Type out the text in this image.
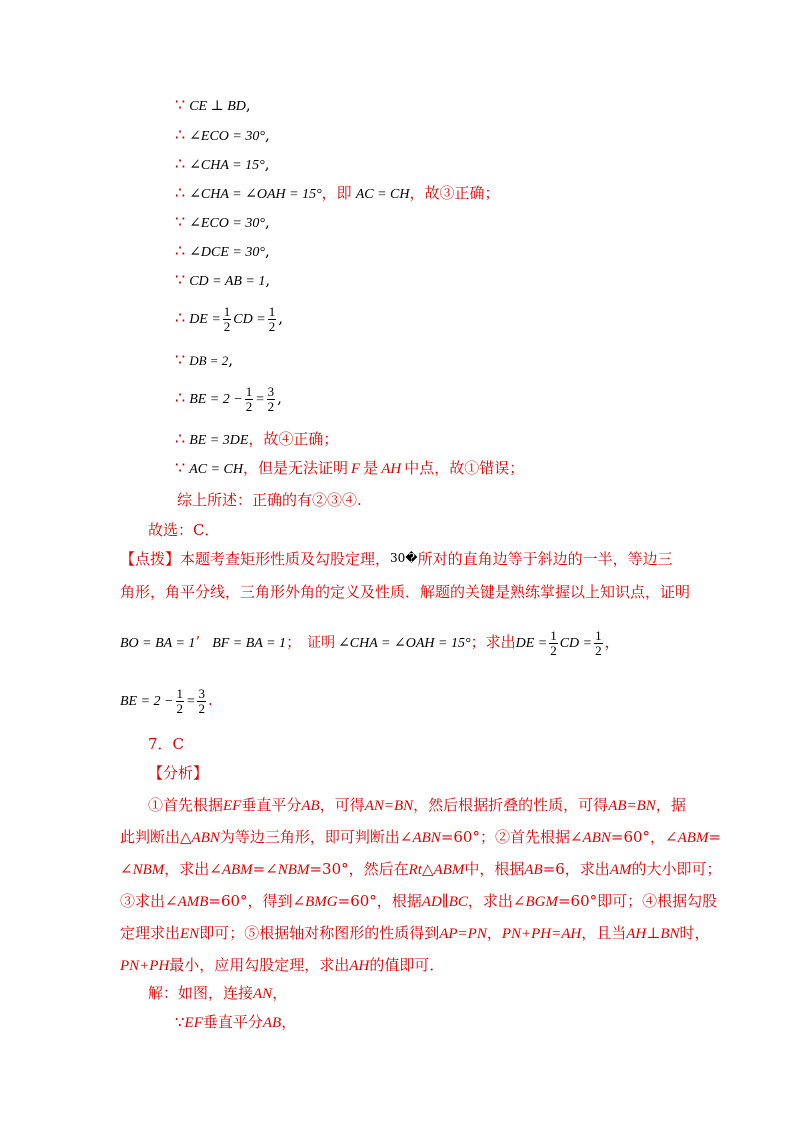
∵ CE ⊥ BD,
∴ ∠ECO = 30°,
∴ ∠CHA = 15°,
∴ ∠CHA = ∠OAH = 15°，即 AC = CH，故③正确；
∵ ∠ECO = 30°,
∴ ∠DCE = 30°,
∵ CD = AB = 1,
∴ DE = $\frac{1}{2}$ CD = $\frac{1}{2}$ ,
∵ DB = 2,
∴ BE = $2 - \frac{1}{2} = \frac{3}{2}$ ,
∴ BE = 3DE，故④正确；
∵ AC = CH，但是无法证明 F 是 AH 中点，故①错误；
综上所述：正确的有②③④.
故选：C．
【点拨】本题考查矩形性质及勾股定理，30�所对的直角边等于斜边的一半，等边三
角形，角平分线，三角形外角的定义及性质．解题的关键是熟练掌握以上知识点，证明
BO = BA = 1’ BF = BA = 1； 证明 ∠CHA = ∠OAH = 15°；求出DE = $\frac{1}{2}$ CD = $\frac{1}{2}$ ，
BE = $2 - \frac{1}{2} = \frac{3}{2}$ .
7．C
【分析】
①首先根据EF垂直平分AB，可得AN=BN，然后根据折叠的性质，可得AB=BN，据
此判断出△ABN为等边三角形，即可判断出∠ABN=60°；②首先根据∠ABN=60°，∠ABM=
∠NBM，求出∠ABM=∠NBM=30°，然后在Rt△ABM中，根据AB=6，求出AM的大小即可；
③求出∠AMB=60°，得到∠BMG=60°，根据AD∥BC，求出∠BGM=60°即可；④根据勾股
定理求出EN即可；⑤根据轴对称图形的性质得到AP=PN，PN+PH=AH，且当AH⊥BN时，
PN+PH最小，应用勾股定理，求出AH的值即可．
解：如图，连接AN，
∵EF垂直平分AB，
